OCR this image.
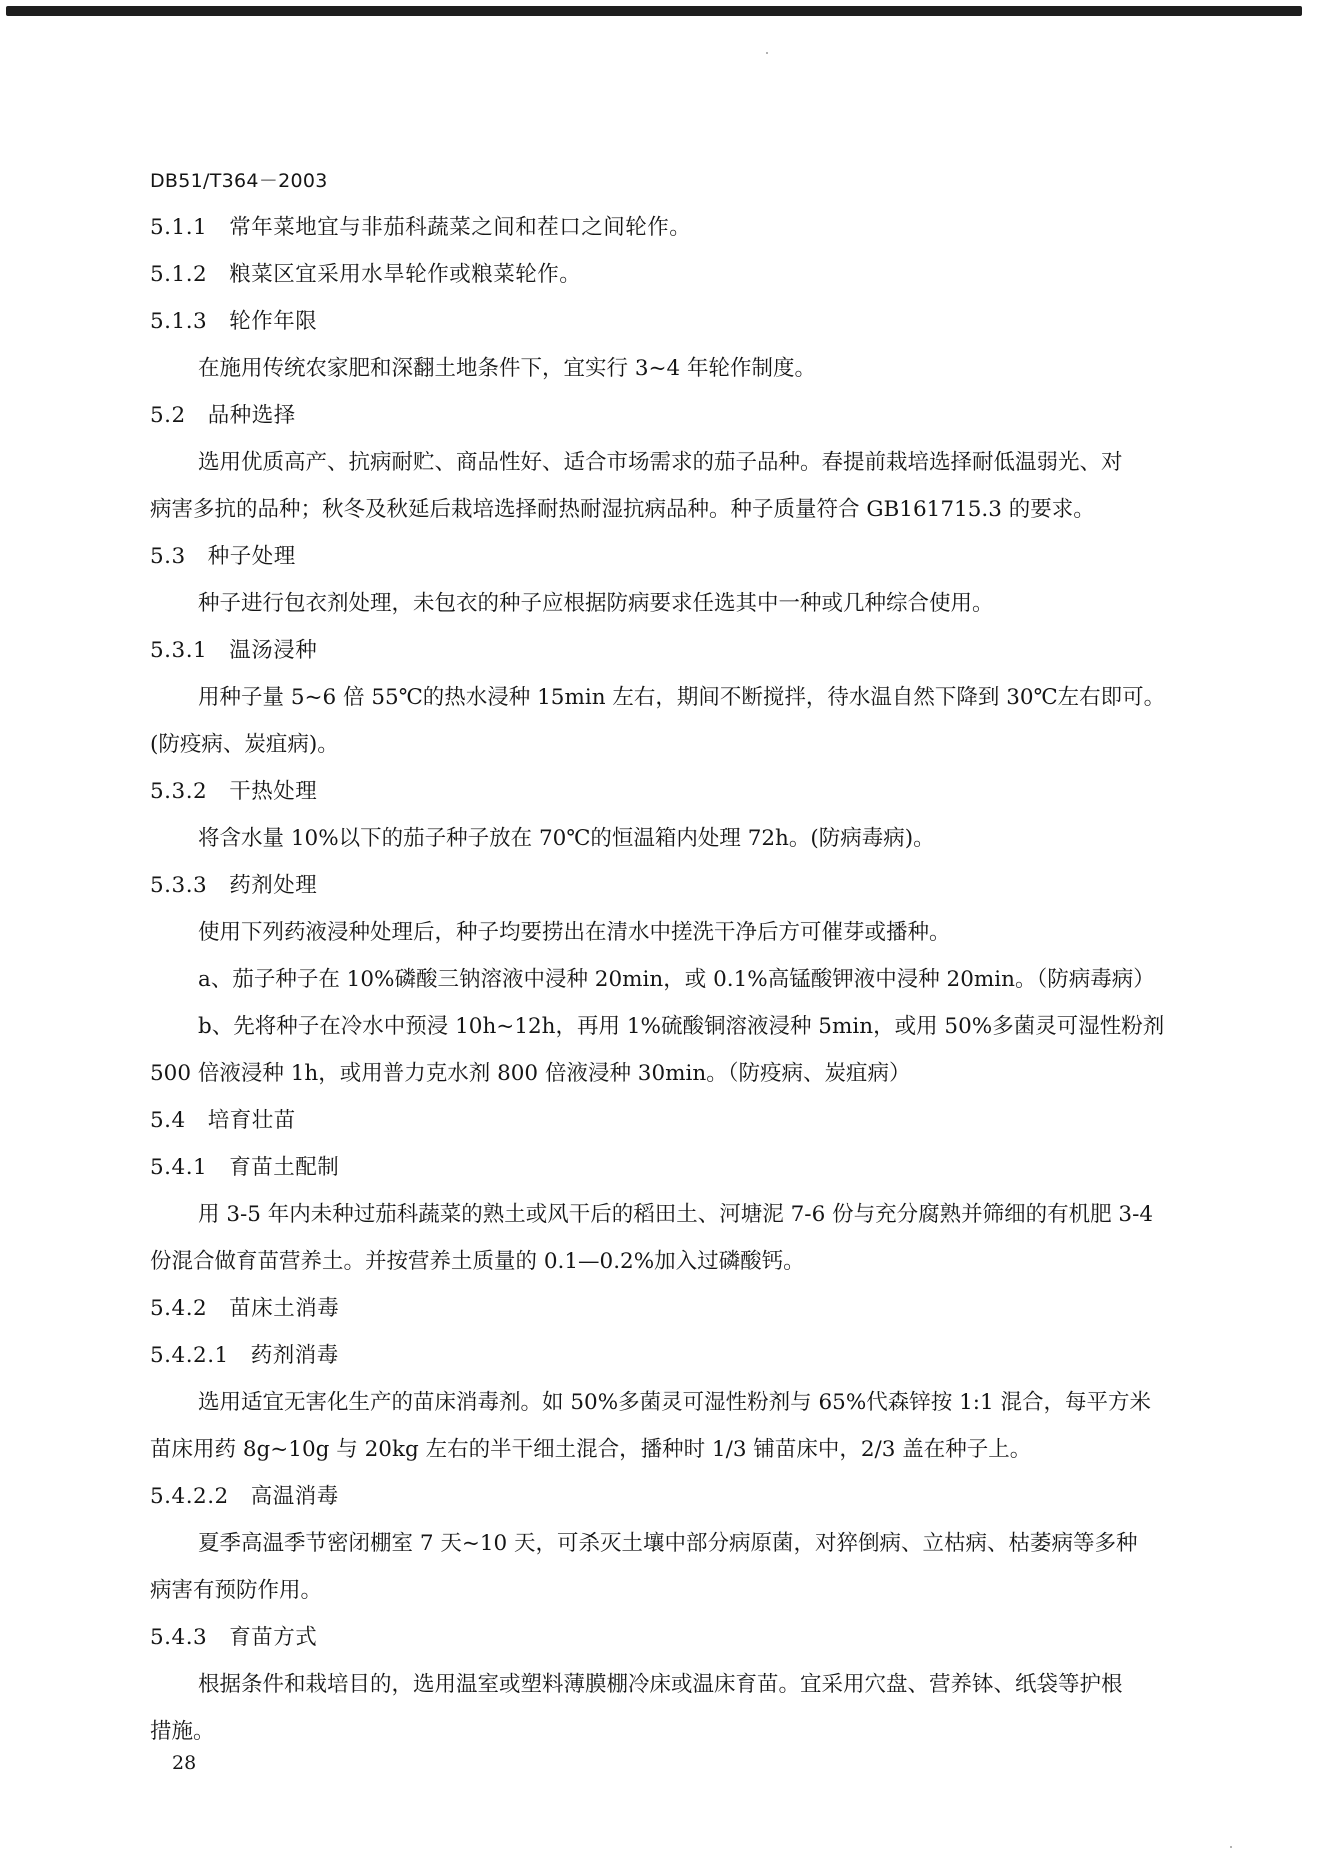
DB51/T364－2003
5.1.1　常年菜地宜与非茄科蔬菜之间和茬口之间轮作。
5.1.2　粮菜区宜采用水旱轮作或粮菜轮作。
5.1.3　轮作年限
在施用传统农家肥和深翻土地条件下，宜实行 3~4 年轮作制度。
5.2　品种选择
选用优质高产、抗病耐贮、商品性好、适合市场需求的茄子品种。春提前栽培选择耐低温弱光、对
病害多抗的品种；秋冬及秋延后栽培选择耐热耐湿抗病品种。种子质量符合 GB161715.3 的要求。
5.3　种子处理
种子进行包衣剂处理，未包衣的种子应根据防病要求任选其中一种或几种综合使用。
5.3.1　温汤浸种
用种子量 5~6 倍 55℃的热水浸种 15min 左右，期间不断搅拌，待水温自然下降到 30℃左右即可。
(防疫病、炭疽病)。
5.3.2　干热处理
将含水量 10%以下的茄子种子放在 70℃的恒温箱内处理 72h。(防病毒病)。
5.3.3　药剂处理
使用下列药液浸种处理后，种子均要捞出在清水中搓洗干净后方可催芽或播种。
a、茄子种子在 10%磷酸三钠溶液中浸种 20min，或 0.1%高锰酸钾液中浸种 20min。（防病毒病）
b、先将种子在冷水中预浸 10h~12h，再用 1%硫酸铜溶液浸种 5min，或用 50%多菌灵可湿性粉剂
500 倍液浸种 1h，或用普力克水剂 800 倍液浸种 30min。（防疫病、炭疽病）
5.4　培育壮苗
5.4.1　育苗土配制
用 3-5 年内未种过茄科蔬菜的熟土或风干后的稻田土、河塘泥 7-6 份与充分腐熟并筛细的有机肥 3-4
份混合做育苗营养土。并按营养土质量的 0.1—0.2%加入过磷酸钙。
5.4.2　苗床土消毒
5.4.2.1　药剂消毒
选用适宜无害化生产的苗床消毒剂。如 50%多菌灵可湿性粉剂与 65%代森锌按 1:1 混合，每平方米
苗床用药 8g~10g 与 20kg 左右的半干细土混合，播种时 1/3 铺苗床中，2/3 盖在种子上。
5.4.2.2　高温消毒
夏季高温季节密闭棚室 7 天~10 天，可杀灭土壤中部分病原菌，对猝倒病、立枯病、枯萎病等多种
病害有预防作用。
5.4.3　育苗方式
根据条件和栽培目的，选用温室或塑料薄膜棚冷床或温床育苗。宜采用穴盘、营养钵、纸袋等护根
措施。
28
